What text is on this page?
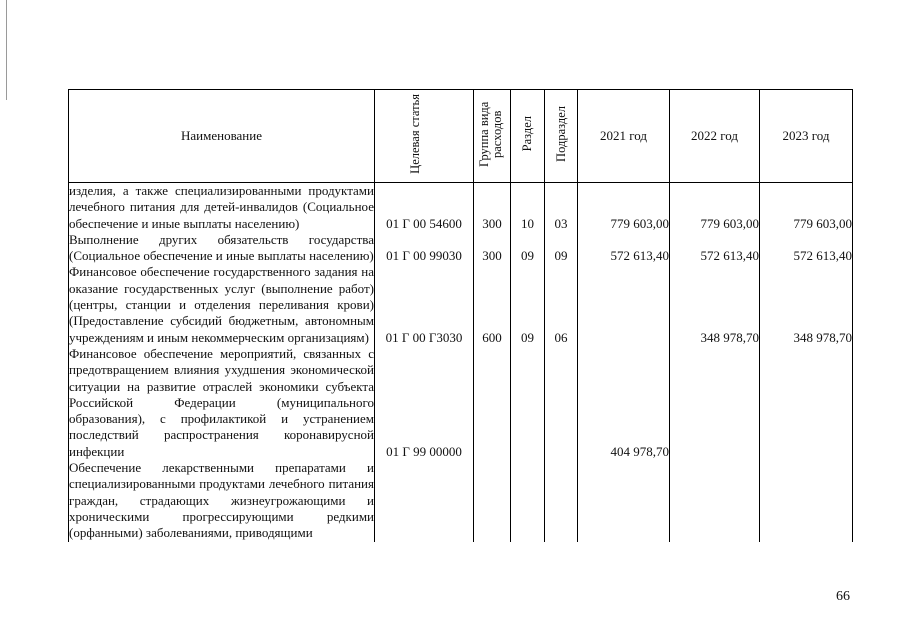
Наименование	Целевая статья	Группа вида расходов	Раздел	Подраздел	2021 год	2022 год	2023 год
изделия, а также специализированными продуктами лечебного питания для детей-инвалидов (Социальное обеспечение и иные выплаты населению)	01 Г 00 54600	300	10	03	779 603,00	779 603,00	779 603,00
Выполнение других обязательств государства (Социальное обеспечение и иные выплаты населению)	01 Г 00 99030	300	09	09	572 613,40	572 613,40	572 613,40
Финансовое обеспечение государственного задания на оказание государственных услуг (выполнение работ) (центры, станции и отделения переливания крови) (Предоставление субсидий бюджетным, автономным учреждениям и иным некоммерческим организациям)	01 Г 00 Г3030	600	09	06		348 978,70	348 978,70
Финансовое обеспечение мероприятий, связанных с предотвращением влияния ухудшения экономической ситуации на развитие отраслей экономики субъекта Российской Федерации (муниципального образования), с профилактикой и устранением последствий распространения коронавирусной инфекции	01 Г 99 00000				404 978,70		
Обеспечение лекарственными препаратами и специализированными продуктами лечебного питания граждан, страдающих жизнеугрожающими и хроническими прогрессирующими редкими (орфанными) заболеваниями, приводящими							
66
